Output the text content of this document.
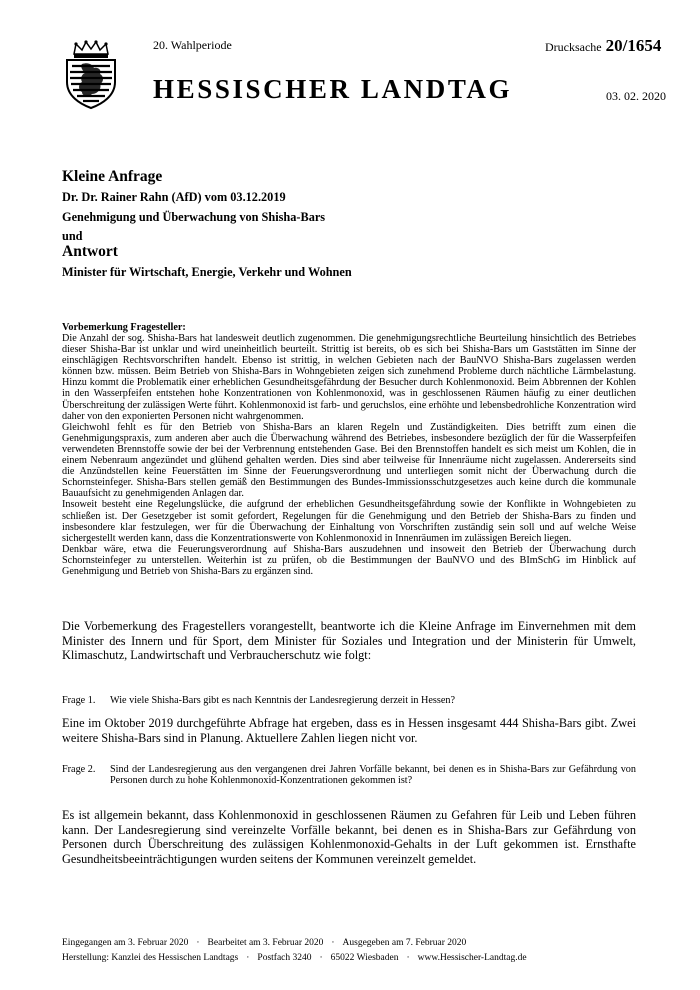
20. Wahlperiode	Drucksache 20/1654
HESSISCHER LANDTAG	03. 02. 2020
Kleine Anfrage
Dr. Dr. Rainer Rahn (AfD) vom 03.12.2019
Genehmigung und Überwachung von Shisha-Bars
und
Antwort
Minister für Wirtschaft, Energie, Verkehr und Wohnen
Vorbemerkung Fragesteller:

Die Anzahl der sog. Shisha-Bars hat landesweit deutlich zugenommen. Die genehmigungsrechtliche Beurteilung hinsichtlich des Betriebes dieser Shisha-Bar ist unklar und wird uneinheitlich beurteilt. Strittig ist bereits, ob es sich bei Shisha-Bars um Gaststätten im Sinne der einschlägigen Rechtsvorschriften handelt. Ebenso ist strittig, in welchen Gebieten nach der BauNVO Shisha-Bars zugelassen werden können bzw. müssen. Beim Betrieb von Shisha-Bars in Wohngebieten zeigen sich zunehmend Probleme durch nächtliche Lärmbelastung. Hinzu kommt die Problematik einer erheblichen Gesundheitsgefährdung der Besucher durch Kohlenmonoxid. Beim Abbrennen der Kohlen in den Wasserpfeifen entstehen hohe Konzentrationen von Kohlenmonoxid, was in geschlossenen Räumen häufig zu einer deutlichen Überschreitung der zulässigen Werte führt. Kohlenmonoxid ist farb- und geruchslos, eine erhöhte und lebensbedrohliche Konzentration wird daher von den exponierten Personen nicht wahrgenommen.

Gleichwohl fehlt es für den Betrieb von Shisha-Bars an klaren Regeln und Zuständigkeiten. Dies betrifft zum einen die Genehmigungspraxis, zum anderen aber auch die Überwachung während des Betriebes, insbesondere bezüglich der für die Wasserpfeifen verwendeten Brennstoffe sowie der bei der Verbrennung entstehenden Gase. Bei den Brennstoffen handelt es sich meist um Kohlen, die in einem Nebenraum angezündet und glühend gehalten werden. Dies sind aber teilweise für Innenräume nicht zugelassen. Andererseits sind die Anzündstellen keine Feuerstätten im Sinne der Feuerungsverordnung und unterliegen somit nicht der Überwachung durch die Schornsteinfeger. Shisha-Bars stellen gemäß den Bestimmungen des Bundes-Immissionsschutzgesetzes auch keine durch die kommunale Bauaufsicht zu genehmigenden Anlagen dar.

Insoweit besteht eine Regelungslücke, die aufgrund der erheblichen Gesundheitsgefährdung sowie der Konflikte in Wohngebieten zu schließen ist. Der Gesetzgeber ist somit gefordert, Regelungen für die Genehmigung und den Betrieb der Shisha-Bars zu finden und insbesondere klar festzulegen, wer für die Überwachung der Einhaltung von Vorschriften zuständig sein soll und auf welche Weise sichergestellt werden kann, dass die Konzentrationswerte von Kohlenmonoxid in Innenräumen im zulässigen Bereich liegen.

Denkbar wäre, etwa die Feuerungsverordnung auf Shisha-Bars auszudehnen und insoweit den Betrieb der Überwachung durch Schornsteinfeger zu unterstellen. Weiterhin ist zu prüfen, ob die Bestimmungen der BauNVO und des BImSchG im Hinblick auf Genehmigung und Betrieb von Shisha-Bars zu ergänzen sind.

Die Vorbemerkung des Fragestellers vorangestellt, beantworte ich die Kleine Anfrage im Einvernehmen mit dem Minister des Innern und für Sport, dem Minister für Soziales und Integration und der Ministerin für Umwelt, Klimaschutz, Landwirtschaft und Verbraucherschutz wie folgt:

Frage 1.	Wie viele Shisha-Bars gibt es nach Kenntnis der Landesregierung derzeit in Hessen?

Eine im Oktober 2019 durchgeführte Abfrage hat ergeben, dass es in Hessen insgesamt 444 Shisha-Bars gibt. Zwei weitere Shisha-Bars sind in Planung. Aktuellere Zahlen liegen nicht vor.

Frage 2.	Sind der Landesregierung aus den vergangenen drei Jahren Vorfälle bekannt, bei denen es in Shisha-Bars zur Gefährdung von Personen durch zu hohe Kohlenmonoxid-Konzentrationen gekommen ist?

Es ist allgemein bekannt, dass Kohlenmonoxid in geschlossenen Räumen zu Gefahren für Leib und Leben führen kann. Der Landesregierung sind vereinzelte Vorfälle bekannt, bei denen es in Shisha-Bars zur Gefährdung von Personen durch Überschreitung des zulässigen Kohlenmonoxid-Gehalts in der Luft gekommen ist. Ernsthafte Gesundheitsbeeinträchtigungen wurden seitens der Kommunen vereinzelt gemeldet.

Eingegangen am 3. Februar 2020 · Bearbeitet am 3. Februar 2020 · Ausgegeben am 7. Februar 2020
Herstellung: Kanzlei des Hessischen Landtags · Postfach 3240 · 65022 Wiesbaden · www.Hessischer-Landtag.de
